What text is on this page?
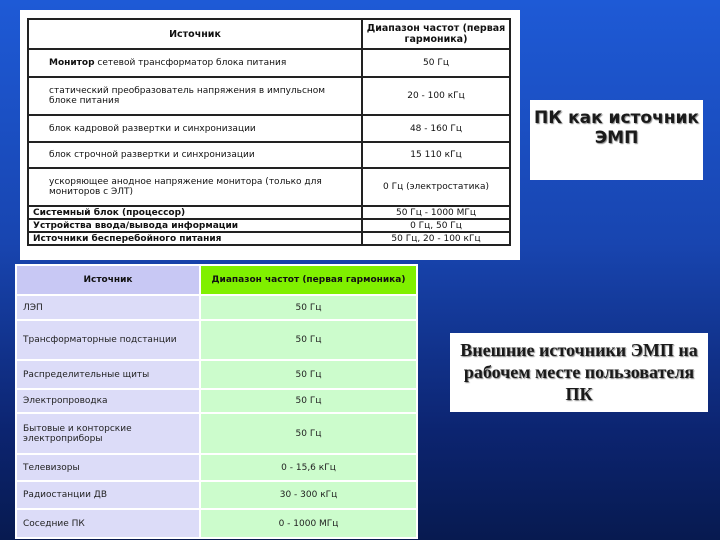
Источник	Диапазон частот (первая гармоника)
Монитор сетевой трансформатор блока питания	50 Гц
статический преобразователь напряжения в импульсном блоке питания	20 - 100 кГц
блок кадровой развертки и синхронизации	48 - 160 Гц
блок строчной развертки и синхронизации	15 110 кГц
ускоряющее анодное напряжение монитора (только для мониторов с ЭЛТ)	0 Гц (электростатика)
Системный блок (процессор)	50 Гц - 1000 МГц
Устройства ввода/вывода информации	0 Гц, 50 Гц
Источники бесперебойного питания	50 Гц, 20 - 100 кГц
Источник	Диапазон частот (первая гармоника)
ЛЭП	50 Гц
Трансформаторные подстанции	50 Гц
Распределительные щиты	50 Гц
Электропроводка	50 Гц
Бытовые и конторские электроприборы	50 Гц
Телевизоры	0 - 15,6 кГц
Радиостанции ДВ	30 - 300 кГц
Соседние ПК	0 - 1000 МГц
ПК как источник ЭМП
Внешние источники ЭМП на рабочем месте пользователя ПК
